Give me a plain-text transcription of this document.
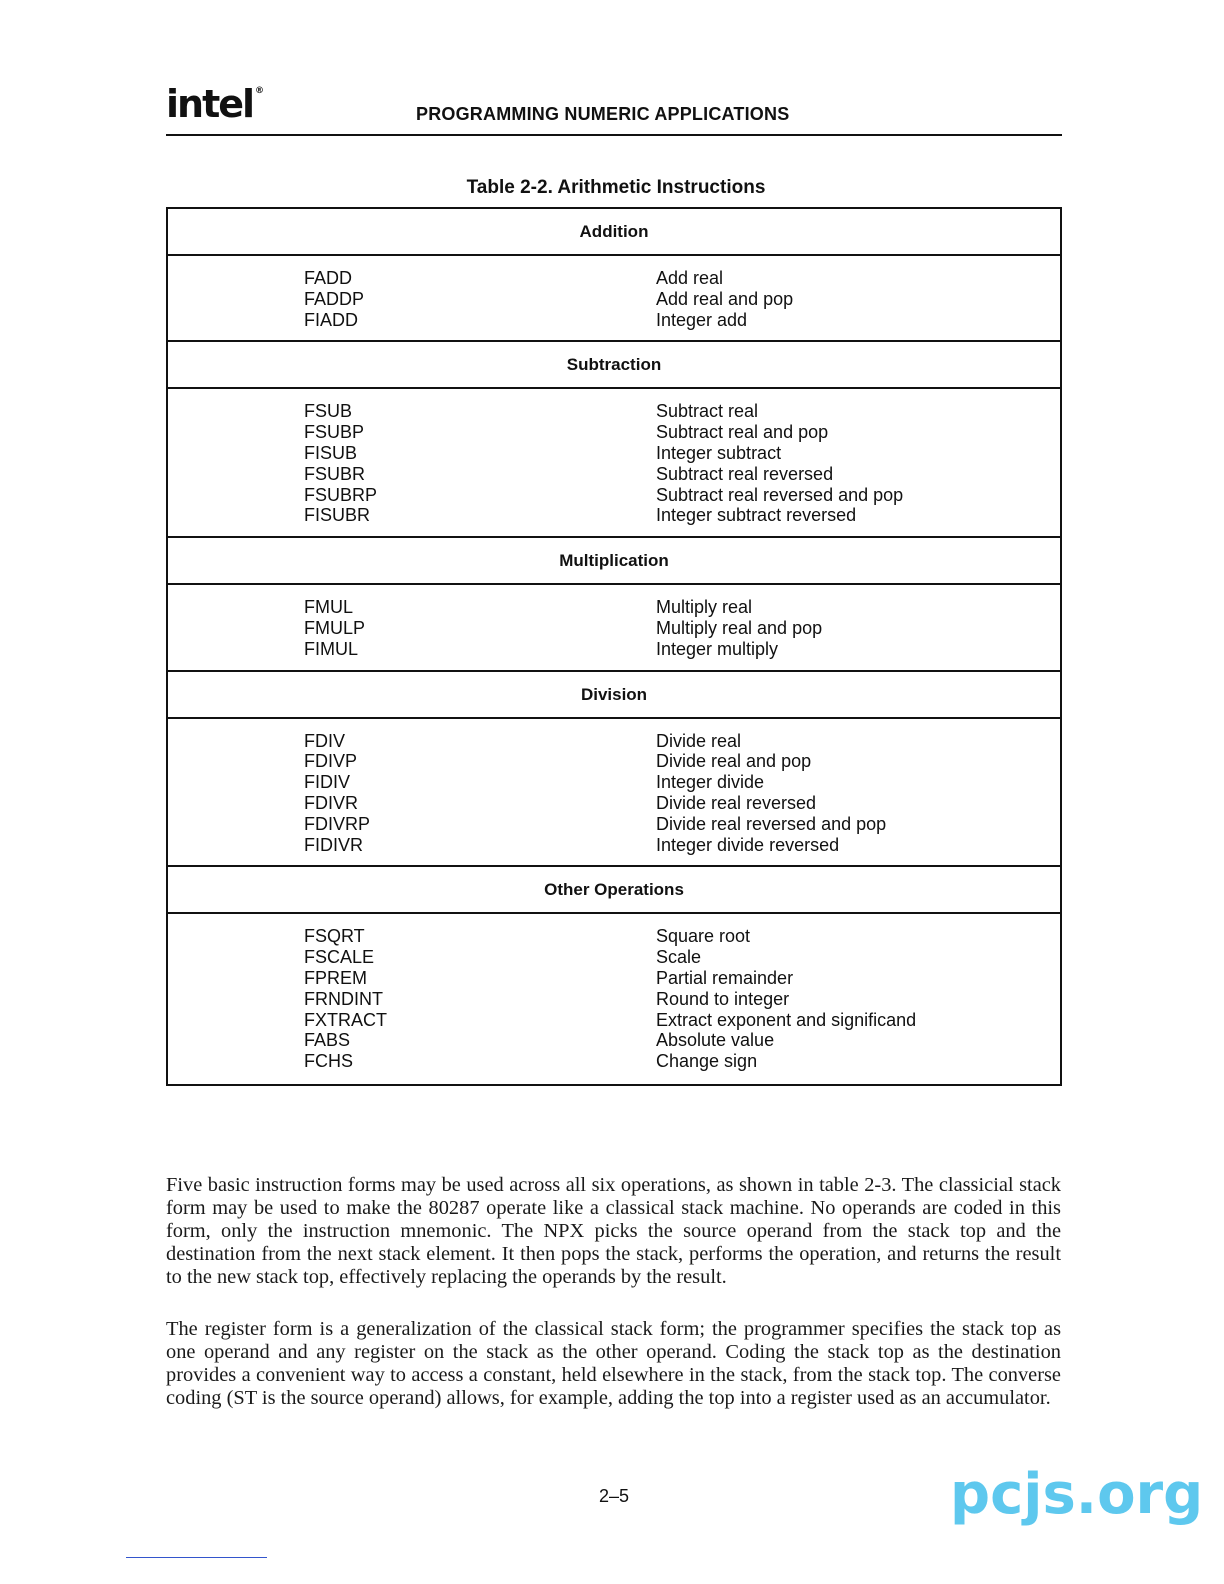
intel ®
PROGRAMMING NUMERIC APPLICATIONS
Table 2-2. Arithmetic Instructions
Addition
FADD	Add real
FADDP	Add real and pop
FIADD	Integer add
Subtraction
FSUB	Subtract real
FSUBP	Subtract real and pop
FISUB	Integer subtract
FSUBR	Subtract real reversed
FSUBRP	Subtract real reversed and pop
FISUBR	Integer subtract reversed
Multiplication
FMUL	Multiply real
FMULP	Multiply real and pop
FIMUL	Integer multiply
Division
FDIV	Divide real
FDIVP	Divide real and pop
FIDIV	Integer divide
FDIVR	Divide real reversed
FDIVRP	Divide real reversed and pop
FIDIVR	Integer divide reversed
Other Operations
FSQRT	Square root
FSCALE	Scale
FPREM	Partial remainder
FRNDINT	Round to integer
FXTRACT	Extract exponent and significand
FABS	Absolute value
FCHS	Change sign
Five basic instruction forms may be used across all six operations, as shown in table 2-3. The classicial stack form may be used to make the 80287 operate like a classical stack machine. No operands are coded in this form, only the instruction mnemonic. The NPX picks the source operand from the stack top and the destination from the next stack element. It then pops the stack, performs the operation, and returns the result to the new stack top, effectively replacing the operands by the result.
The register form is a generalization of the classical stack form; the programmer specifies the stack top as one operand and any register on the stack as the other operand. Coding the stack top as the destination provides a convenient way to access a constant, held elsewhere in the stack, from the stack top. The converse coding (ST is the source operand) allows, for example, adding the top into a register used as an accumulator.
2–5	pcjs.org
